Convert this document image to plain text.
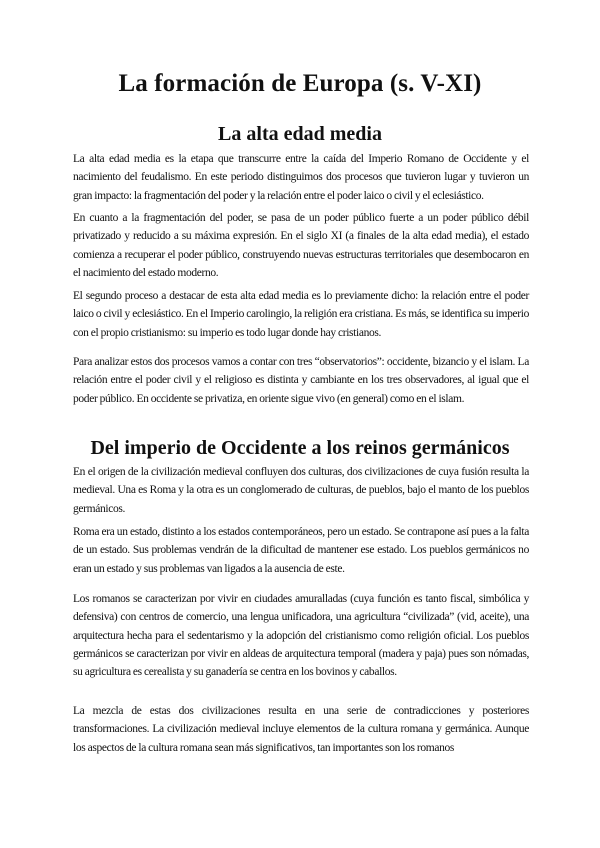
La formación de Europa (s. V-XI)
La alta edad media

La alta edad media es la etapa que transcurre entre la caída del Imperio Romano de Occidente y el nacimiento del feudalismo. En este periodo distinguimos dos procesos que tuvieron lugar y tuvieron un gran impacto: la fragmentación del poder y la relación entre el poder laico o civil y el eclesiástico.

En cuanto a la fragmentación del poder, se pasa de un poder público fuerte a un poder público débil privatizado y reducido a su máxima expresión. En el siglo XI (a finales de la alta edad media), el estado comienza a recuperar el poder público, construyendo nuevas estructuras territoriales que desembocaron en el nacimiento del estado moderno.

El segundo proceso a destacar de esta alta edad media es lo previamente dicho: la relación entre el poder laico o civil y eclesiástico. En el Imperio carolingio, la religión era cristiana. Es más, se identifica su imperio con el propio cristianismo: su imperio es todo lugar donde hay cristianos.

Para analizar estos dos procesos vamos a contar con tres “observatorios”: occidente, bizancio y el islam. La relación entre el poder civil y el religioso es distinta y cambiante en los tres observadores, al igual que el poder público. En occidente se privatiza, en oriente sigue vivo (en general) como en el islam.

Del imperio de Occidente a los reinos germánicos

En el origen de la civilización medieval confluyen dos culturas, dos civilizaciones de cuya fusión resulta la medieval. Una es Roma y la otra es un conglomerado de culturas, de pueblos, bajo el manto de los pueblos germánicos.

Roma era un estado, distinto a los estados contemporáneos, pero un estado. Se contrapone así pues a la falta de un estado. Sus problemas vendrán de la dificultad de mantener ese estado. Los pueblos germánicos no eran un estado y sus problemas van ligados a la ausencia de este.

Los romanos se caracterizan por vivir en ciudades amuralladas (cuya función es tanto fiscal, simbólica y defensiva) con centros de comercio, una lengua unificadora, una agricultura “civilizada” (vid, aceite), una arquitectura hecha para el sedentarismo y la adopción del cristianismo como religión oficial. Los pueblos germánicos se caracterizan por vivir en aldeas de arquitectura temporal (madera y paja) pues son nómadas, su agricultura es cerealista y su ganadería se centra en los bovinos y caballos.

La mezcla de estas dos civilizaciones resulta en una serie de contradicciones y posteriores transformaciones. La civilización medieval incluye elementos de la cultura romana y germánica. Aunque los aspectos de la cultura romana sean más significativos, tan importantes son los romanos
